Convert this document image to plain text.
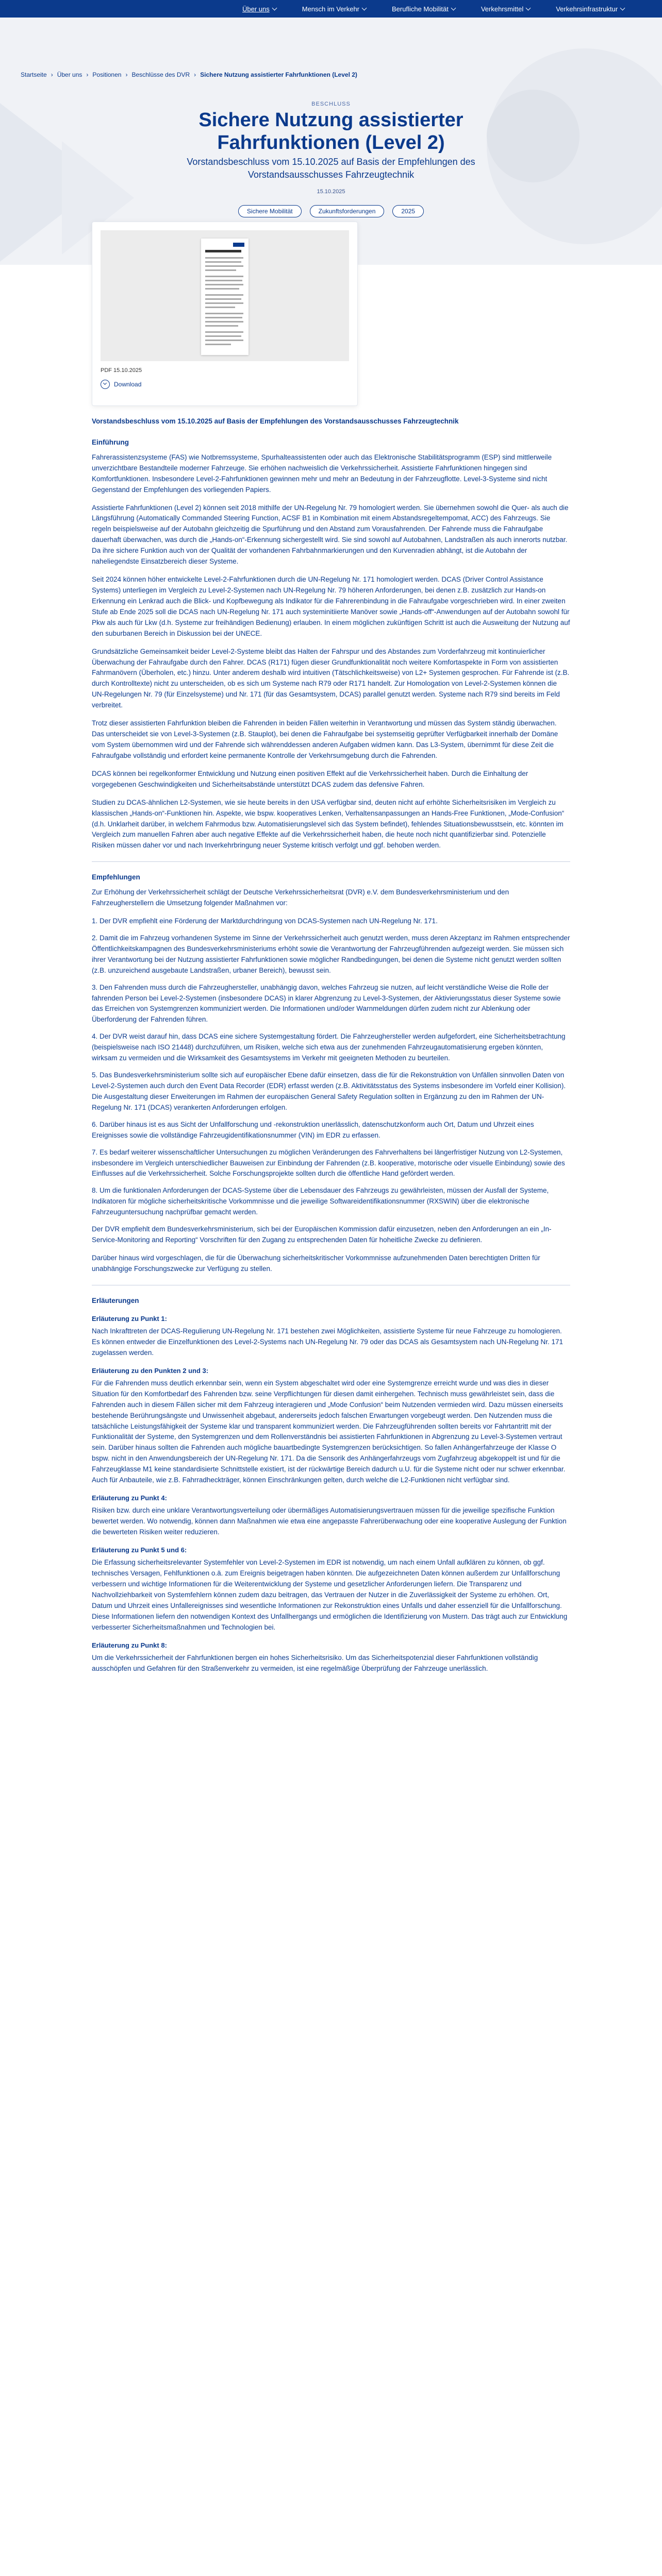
Über uns	Mensch im Verkehr	Berufliche Mobilität	Verkehrsmittel	Verkehrsinfrastruktur
Startseite › Über uns › Positionen › Beschlüsse des DVR › Sichere Nutzung assistierter Fahrfunktionen (Level 2)
BESCHLUSS
Sichere Nutzung assistierter
Fahrfunktionen (Level 2)
Vorstandsbeschluss vom 15.10.2025 auf Basis der Empfehlungen des
Vorstandsausschusses Fahrzeugtechnik
15.10.2025
Sichere Mobilität	Zukunftsforderungen	2025
PDF 15.10.2025
Download
Vorstandsbeschluss vom 15.10.2025 auf Basis der Empfehlungen des Vorstandsausschusses Fahrzeugtechnik
Einführung

Fahrerassistenzsysteme (FAS) wie Notbremssysteme, Spurhalteassistenten oder auch das Elektronische Stabilitätsprogramm (ESP) sind mittlerweile unverzichtbare Bestandteile moderner Fahrzeuge. Sie erhöhen nachweislich die Verkehrssicherheit. Assistierte Fahrfunktionen hingegen sind Komfortfunktionen. Insbesondere Level-2-Fahrfunktionen gewinnen mehr und mehr an Bedeutung in der Fahrzeugflotte. Level-3-Systeme sind nicht Gegenstand der Empfehlungen des vorliegenden Papiers.

Assistierte Fahrfunktionen (Level 2) können seit 2018 mithilfe der UN-Regelung Nr. 79 homologiert werden. Sie übernehmen sowohl die Quer- als auch die Längsführung (Automatically Commanded Steering Function, ACSF B1 in Kombination mit einem Abstandsregeltempomat, ACC) des Fahrzeugs. Sie regeln beispielsweise auf der Autobahn gleichzeitig die Spurführung und den Abstand zum Vorausfahrenden. Der Fahrende muss die Fahraufgabe dauerhaft überwachen, was durch die „Hands-on“-Erkennung sichergestellt wird. Sie sind sowohl auf Autobahnen, Landstraßen als auch innerorts nutzbar. Da ihre sichere Funktion auch von der Qualität der vorhandenen Fahrbahnmarkierungen und den Kurvenradien abhängt, ist die Autobahn der naheliegendste Einsatzbereich dieser Systeme.

Seit 2024 können höher entwickelte Level-2-Fahrfunktionen durch die UN-Regelung Nr. 171 homologiert werden. DCAS (Driver Control Assistance Systems) unterliegen im Vergleich zu Level-2-Systemen nach UN-Regelung Nr. 79 höheren Anforderungen, bei denen z.B. zusätzlich zur Hands-on Erkennung ein Lenkrad auch die Blick- und Kopfbewegung als Indikator für die Fahrerenbindung in die Fahraufgabe vorgeschrieben wird. In einer zweiten Stufe ab Ende 2025 soll die DCAS nach UN-Regelung Nr. 171 auch systeminitiierte Manöver sowie „Hands-off“-Anwendungen auf der Autobahn sowohl für Pkw als auch für Lkw (d.h. Systeme zur freihändigen Bedienung) erlauben. In einem möglichen zukünftigen Schritt ist auch die Ausweitung der Nutzung auf den suburbanen Bereich in Diskussion bei der UNECE.

Grundsätzliche Gemeinsamkeit beider Level-2-Systeme bleibt das Halten der Fahrspur und des Abstandes zum Vorderfahrzeug mit kontinuierlicher Überwachung der Fahraufgabe durch den Fahrer. DCAS (R171) fügen dieser Grundfunktionalität noch weitere Komfortaspekte in Form von assistierten Fahrmanövern (Überholen, etc.) hinzu. Unter anderem deshalb wird intuitiven (Tätschlichkeitsweise) von L2+ Systemen gesprochen. Für Fahrende ist (z.B. durch Kontrolltexte) nicht zu unterscheiden, ob es sich um Systeme nach R79 oder R171 handelt. Zur Homologation von Level-2-Systemen können die UN-Regelungen Nr. 79 (für Einzelsysteme) und Nr. 171 (für das Gesamtsystem, DCAS) parallel genutzt werden. Systeme nach R79 sind bereits im Feld verbreitet.

Trotz dieser assistierten Fahrfunktion bleiben die Fahrenden in beiden Fällen weiterhin in Verantwortung und müssen das System ständig überwachen. Das unterscheidet sie von Level-3-Systemen (z.B. Stauplot), bei denen die Fahraufgabe bei systemseitig geprüfter Verfügbarkeit innerhalb der Domäne vom System übernommen wird und der Fahrende sich währenddessen anderen Aufgaben widmen kann. Das L3-System, übernimmt für diese Zeit die Fahraufgabe vollständig und erfordert keine permanente Kontrolle der Verkehrsumgebung durch die Fahrenden.

DCAS können bei regelkonformer Entwicklung und Nutzung einen positiven Effekt auf die Verkehrssicherheit haben. Durch die Einhaltung der vorgegebenen Geschwindigkeiten und Sicherheitsabstände unterstützt DCAS zudem das defensive Fahren.

Studien zu DCAS-ähnlichen L2-Systemen, wie sie heute bereits in den USA verfügbar sind, deuten nicht auf erhöhte Sicherheitsrisiken im Vergleich zu klassischen „Hands-on“-Funktionen hin. Aspekte, wie bspw. kooperatives Lenken, Verhaltensanpassungen an Hands-Free Funktionen, „Mode-Confusion“ (d.h. Unklarheit darüber, in welchem Fahrmodus bzw. Automatisierungslevel sich das System befindet), fehlendes Situationsbewusstsein, etc. könnten im Vergleich zum manuellen Fahren aber auch negative Effekte auf die Verkehrssicherheit haben, die heute noch nicht quantifizierbar sind. Potenzielle Risiken müssen daher vor und nach Inverkehrbringung neuer Systeme kritisch verfolgt und ggf. behoben werden.

Empfehlungen

Zur Erhöhung der Verkehrssicherheit schlägt der Deutsche Verkehrssicherheitsrat (DVR) e.V. dem Bundesverkehrsministerium und den Fahrzeugherstellern die Umsetzung folgender Maßnahmen vor:

1. Der DVR empfiehlt eine Förderung der Marktdurchdringung von DCAS-Systemen nach UN-Regelung Nr. 171.

2. Damit die im Fahrzeug vorhandenen Systeme im Sinne der Verkehrssicherheit auch genutzt werden, muss deren Akzeptanz im Rahmen entsprechender Öffentlichkeitskampagnen des Bundesverkehrsministeriums erhöht sowie die Verantwortung der Fahrzeugführenden aufgezeigt werden. Sie müssen sich ihrer Verantwortung bei der Nutzung assistierter Fahrfunktionen sowie möglicher Randbedingungen, bei denen die Systeme nicht genutzt werden sollten (z.B. unzureichend ausgebaute Landstraßen, urbaner Bereich), bewusst sein.

3. Den Fahrenden muss durch die Fahrzeughersteller, unabhängig davon, welches Fahrzeug sie nutzen, auf leicht verständliche Weise die Rolle der fahrenden Person bei Level-2-Systemen (insbesondere DCAS) in klarer Abgrenzung zu Level-3-Systemen, der Aktivierungsstatus dieser Systeme sowie das Erreichen von Systemgrenzen kommuniziert werden. Die Informationen und/oder Warnmeldungen dürfen zudem nicht zur Ablenkung oder Überforderung der Fahrenden führen.

4. Der DVR weist darauf hin, dass DCAS eine sichere Systemgestaltung fördert. Die Fahrzeughersteller werden aufgefordert, eine Sicherheitsbetrachtung (beispielsweise nach ISO 21448) durchzuführen, um Risiken, welche sich etwa aus der zunehmenden Fahrzeugautomatisierung ergeben könnten, wirksam zu vermeiden und die Wirksamkeit des Gesamtsystems im Verkehr mit geeigneten Methoden zu beurteilen.

5. Das Bundesverkehrsministerium sollte sich auf europäischer Ebene dafür einsetzen, dass die für die Rekonstruktion von Unfällen sinnvollen Daten von Level-2-Systemen auch durch den Event Data Recorder (EDR) erfasst werden (z.B. Aktivitätsstatus des Systems insbesondere im Vorfeld einer Kollision). Die Ausgestaltung dieser Erweiterungen im Rahmen der europäischen General Safety Regulation sollten in Ergänzung zu den im Rahmen der UN-Regelung Nr. 171 (DCAS) verankerten Anforderungen erfolgen.

6. Darüber hinaus ist es aus Sicht der Unfallforschung und -rekonstruktion unerlässlich, datenschutzkonform auch Ort, Datum und Uhrzeit eines Ereignisses sowie die vollständige Fahrzeugidentifikationsnummer (VIN) im EDR zu erfassen.

7. Es bedarf weiterer wissenschaftlicher Untersuchungen zu möglichen Veränderungen des Fahrverhaltens bei längerfristiger Nutzung von L2-Systemen, insbesondere im Vergleich unterschiedlicher Bauweisen zur Einbindung der Fahrenden (z.B. kooperative, motorische oder visuelle Einbindung) sowie des Einflusses auf die Verkehrssicherheit. Solche Forschungsprojekte sollten durch die öffentliche Hand gefördert werden.

8. Um die funktionalen Anforderungen der DCAS-Systeme über die Lebensdauer des Fahrzeugs zu gewährleisten, müssen der Ausfall der Systeme, Indikatoren für mögliche sicherheitskritische Vorkommnisse und die jeweilige Softwareidentifikationsnummer (RXSWIN) über die elektronische Fahrzeuguntersuchung nachprüfbar gemacht werden.

Der DVR empfiehlt dem Bundesverkehrsministerium, sich bei der Europäischen Kommission dafür einzusetzen, neben den Anforderungen an ein „In-Service-Monitoring and Reporting“ Vorschriften für den Zugang zu entsprechenden Daten für hoheitliche Zwecke zu definieren.

Darüber hinaus wird vorgeschlagen, die für die Überwachung sicherheitskritischer Vorkommnisse aufzunehmenden Daten berechtigten Dritten für unabhängige Forschungszwecke zur Verfügung zu stellen.

Erläuterungen
Erläuterung zu Punkt 1:

Nach Inkrafttreten der DCAS-Regulierung UN-Regelung Nr. 171 bestehen zwei Möglichkeiten, assistierte Systeme für neue Fahrzeuge zu homologieren. Es können entweder die Einzelfunktionen des Level-2-Systems nach UN-Regelung Nr. 79 oder das DCAS als Gesamtsystem nach UN-Regelung Nr. 171 zugelassen werden.

Erläuterung zu den Punkten 2 und 3:

Für die Fahrenden muss deutlich erkennbar sein, wenn ein System abgeschaltet wird oder eine Systemgrenze erreicht wurde und was dies in dieser Situation für den Komfortbedarf des Fahrenden bzw. seine Verpflichtungen für diesen damit einhergehen. Technisch muss gewährleistet sein, dass die Fahrenden auch in diesem Fällen sicher mit dem Fahrzeug interagieren und „Mode Confusion“ beim Nutzenden vermieden wird. Dazu müssen einerseits bestehende Berührungsängste und Unwissenheit abgebaut, andererseits jedoch falschen Erwartungen vorgebeugt werden. Den Nutzenden muss die tatsächliche Leistungsfähigkeit der Systeme klar und transparent kommuniziert werden. Die Fahrzeugführenden sollten bereits vor Fahrtantritt mit der Funktionalität der Systeme, den Systemgrenzen und dem Rollenverständnis bei assistierten Fahrfunktionen in Abgrenzung zu Level-3-Systemen vertraut sein. Darüber hinaus sollten die Fahrenden auch mögliche bauartbedingte Systemgrenzen berücksichtigen. So fallen Anhängerfahrzeuge der Klasse O bspw. nicht in den Anwendungsbereich der UN-Regelung Nr. 171. Da die Sensorik des Anhängerfahrzeugs vom Zugfahrzeug abgekoppelt ist und für die Fahrzeugklasse M1 keine standardisierte Schnittstelle existiert, ist der rückwärtige Bereich dadurch u.U. für die Systeme nicht oder nur schwer erkennbar. Auch für Anbauteile, wie z.B. Fahrradheckträger, können Einschränkungen gelten, durch welche die L2-Funktionen nicht verfügbar sind.

Erläuterung zu Punkt 4:

Risiken bzw. durch eine unklare Verantwortungsverteilung oder übermäßiges Automatisierungsvertrauen müssen für die jeweilige spezifische Funktion bewertet werden. Wo notwendig, können dann Maßnahmen wie etwa eine angepasste Fahrerüberwachung oder eine kooperative Auslegung der Funktion die bewerteten Risiken weiter reduzieren.

Erläuterung zu Punkt 5 und 6:

Die Erfassung sicherheitsrelevanter Systemfehler von Level-2-Systemen im EDR ist notwendig, um nach einem Unfall aufklären zu können, ob ggf. technisches Versagen, Fehlfunktionen o.ä. zum Ereignis beigetragen haben könnten. Die aufgezeichneten Daten können außerdem zur Unfallforschung verbessern und wichtige Informationen für die Weiterentwicklung der Systeme und gesetzlicher Anforderungen liefern. Die Transparenz und Nachvollziehbarkeit von Systemfehlern können zudem dazu beitragen, das Vertrauen der Nutzer in die Zuverlässigkeit der Systeme zu erhöhen. Ort, Datum und Uhrzeit eines Unfallereignisses sind wesentliche Informationen zur Rekonstruktion eines Unfalls und daher essenziell für die Unfallforschung. Diese Informationen liefern den notwendigen Kontext des Unfallhergangs und ermöglichen die Identifizierung von Mustern. Das trägt auch zur Entwicklung verbesserter Sicherheitsmaßnahmen und Technologien bei.

Erläuterung zu Punkt 8:

Um die Verkehrssicherheit der Fahrfunktionen bergen ein hohes Sicherheitsrisiko. Um das Sicherheitspotenzial dieser Fahrfunktionen vollständig ausschöpfen und Gefahren für den Straßenverkehr zu vermeiden, ist eine regelmäßige Überprüfung der Fahrzeuge unerlässlich.
